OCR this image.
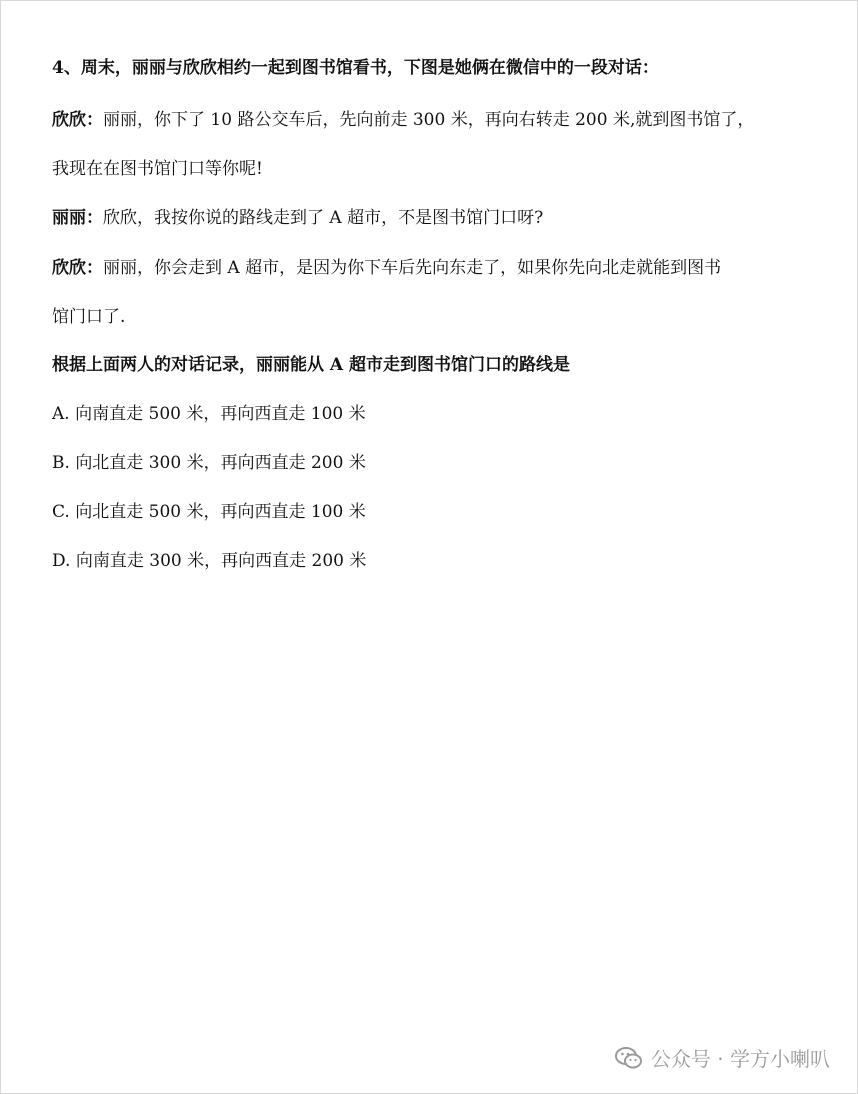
4、周末，丽丽与欣欣相约一起到图书馆看书，下图是她俩在微信中的一段对话：
欣欣：丽丽，你下了 10 路公交车后，先向前走 300 米，再向右转走 200 米,就到图书馆了，
我现在在图书馆门口等你呢!
丽丽：欣欣，我按你说的路线走到了 A 超市，不是图书馆门口呀?
欣欣：丽丽，你会走到 A 超市，是因为你下车后先向东走了，如果你先向北走就能到图书
馆门口了.
根据上面两人的对话记录，丽丽能从 A 超市走到图书馆门口的路线是
A. 向南直走 500 米，再向西直走 100 米
B. 向北直走 300 米，再向西直走 200 米
C. 向北直走 500 米，再向西直走 100 米
D. 向南直走 300 米，再向西直走 200 米
公众号 · 学方小喇叭
